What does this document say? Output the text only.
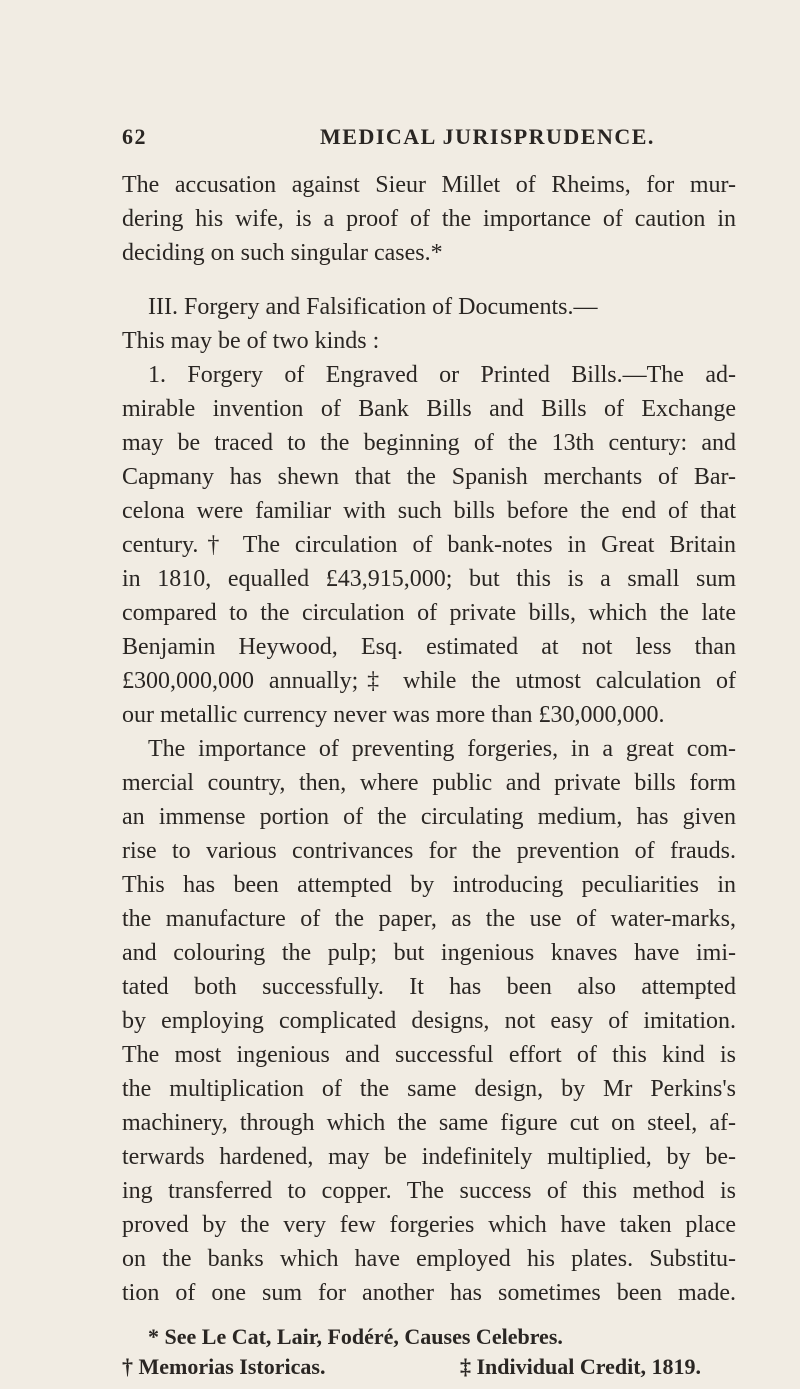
62	MEDICAL JURISPRUDENCE.
The accusation against Sieur Millet of Rheims, for mur-
dering his wife, is a proof of the importance of caution in
deciding on such singular cases.*
III. Forgery and Falsification of Documents.—
This may be of two kinds :
1. Forgery of Engraved or Printed Bills.—The ad-
mirable invention of Bank Bills and Bills of Exchange
may be traced to the beginning of the 13th century: and
Capmany has shewn that the Spanish merchants of Bar-
celona were familiar with such bills before the end of that
century.† The circulation of bank-notes in Great Britain
in 1810, equalled £43,915,000; but this is a small sum
compared to the circulation of private bills, which the late
Benjamin Heywood, Esq. estimated at not less than
£300,000,000 annually;‡ while the utmost calculation of
our metallic currency never was more than £30,000,000.
The importance of preventing forgeries, in a great com-
mercial country, then, where public and private bills form
an immense portion of the circulating medium, has given
rise to various contrivances for the prevention of frauds.
This has been attempted by introducing peculiarities in
the manufacture of the paper, as the use of water-marks,
and colouring the pulp; but ingenious knaves have imi-
tated both successfully. It has been also attempted
by employing complicated designs, not easy of imitation.
The most ingenious and successful effort of this kind is
the multiplication of the same design, by Mr Perkins's
machinery, through which the same figure cut on steel, af-
terwards hardened, may be indefinitely multiplied, by be-
ing transferred to copper. The success of this method is
proved by the very few forgeries which have taken place
on the banks which have employed his plates. Substitu-
tion of one sum for another has sometimes been made.
* See Le Cat, Lair, Fodéré, Causes Celebres.
† Memorias Istoricas.	‡ Individual Credit, 1819.
